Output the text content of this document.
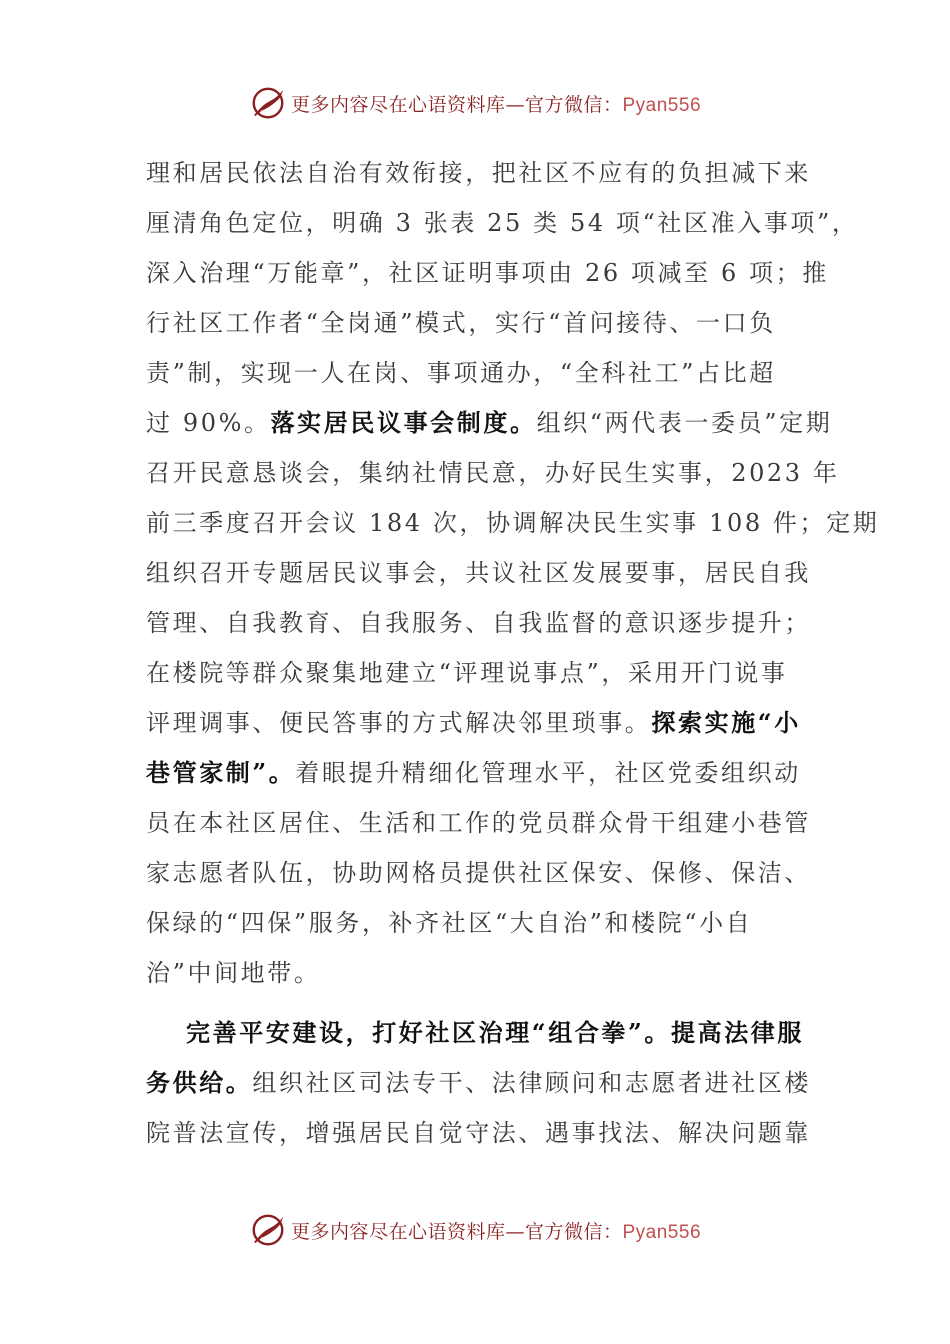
更多内容尽在心语资料库—官方微信：Pyan556
理和居民依法自治有效衔接，把社区不应有的负担减下来
厘清角色定位，明确 3 张表 25 类 54 项“社区准入事项”，
深入治理“万能章”，社区证明事项由 26 项减至 6 项；推
行社区工作者“全岗通”模式，实行“首问接待、一口负
责”制，实现一人在岗、事项通办，“全科社工”占比超
过 90%。落实居民议事会制度。组织“两代表一委员”定期
召开民意恳谈会，集纳社情民意，办好民生实事，2023 年
前三季度召开会议 184 次，协调解决民生实事 108 件；定期
组织召开专题居民议事会，共议社区发展要事，居民自我
管理、自我教育、自我服务、自我监督的意识逐步提升；
在楼院等群众聚集地建立“评理说事点”，采用开门说事
评理调事、便民答事的方式解决邻里琐事。探索实施“小
巷管家制”。着眼提升精细化管理水平，社区党委组织动
员在本社区居住、生活和工作的党员群众骨干组建小巷管
家志愿者队伍，协助网格员提供社区保安、保修、保洁、
保绿的“四保”服务，补齐社区“大自治”和楼院“小自
治”中间地带。
完善平安建设，打好社区治理“组合拳”。提高法律服
务供给。组织社区司法专干、法律顾问和志愿者进社区楼
院普法宣传，增强居民自觉守法、遇事找法、解决问题靠
更多内容尽在心语资料库—官方微信：Pyan556
